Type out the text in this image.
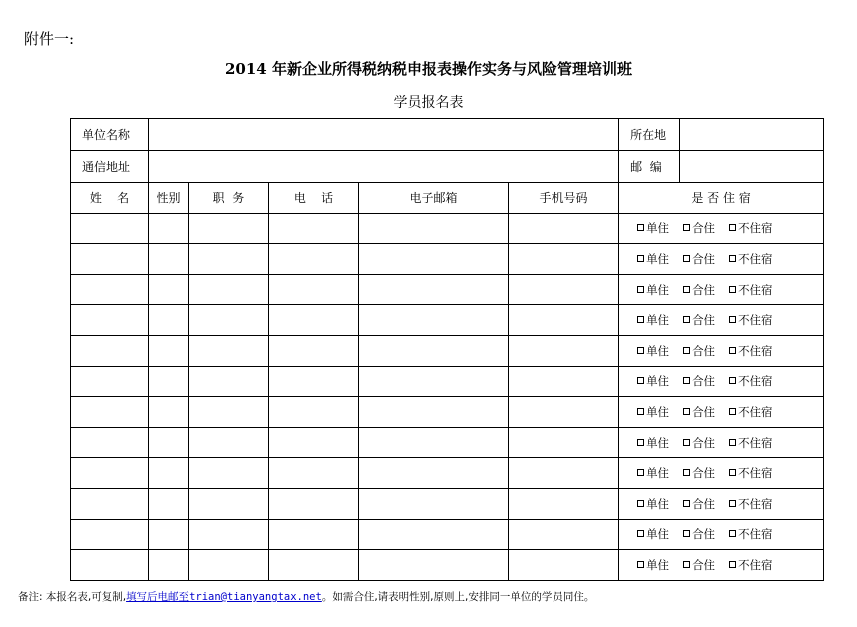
附件一:
2014 年新企业所得税纳税申报表操作实务与风险管理培训班
学员报名表
单位名称						所在地	
通信地址						邮  编	
姓    名	性别	职  务	电    话	电子邮箱	手机号码	是 否 住 宿	
						单住 合住 不住宿	
						单住 合住 不住宿	
						单住 合住 不住宿	
						单住 合住 不住宿	
						单住 合住 不住宿	
						单住 合住 不住宿	
						单住 合住 不住宿	
						单住 合住 不住宿	
						单住 合住 不住宿	
						单住 合住 不住宿	
						单住 合住 不住宿	
						单住 合住 不住宿	
备注: 本报名表,可复制,填写后电邮至trian@tianyangtax.net。如需合住,请表明性别,原则上,安排同一单位的学员同住。
